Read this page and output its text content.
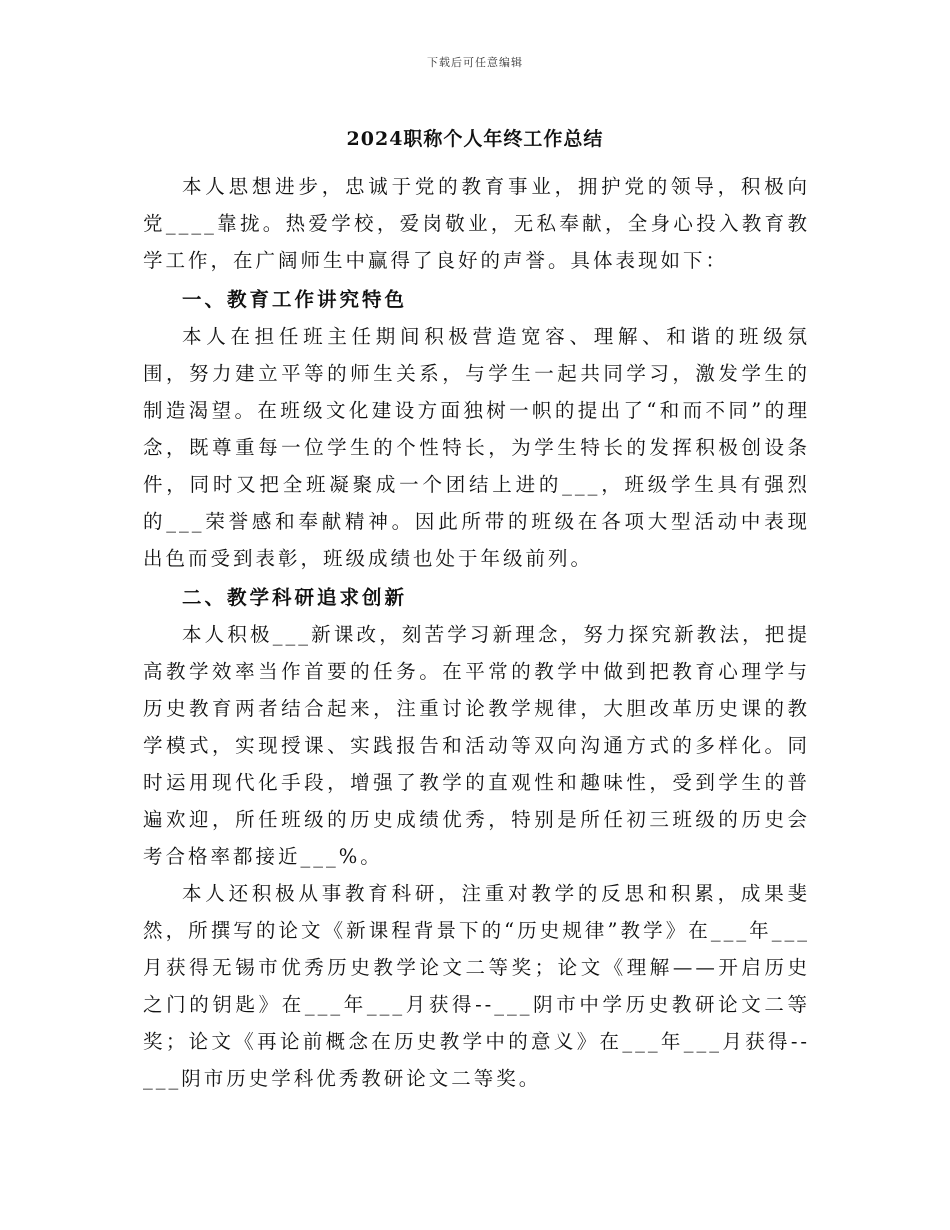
下载后可任意编辑
2024职称个人年终工作总结

本人思想进步，忠诚于党的教育事业，拥护党的领导，积极向党____靠拢。热爱学校，爱岗敬业，无私奉献，全身心投入教育教学工作，在广阔师生中赢得了良好的声誉。具体表现如下：

一、教育工作讲究特色

本人在担任班主任期间积极营造宽容、理解、和谐的班级氛围，努力建立平等的师生关系，与学生一起共同学习，激发学生的制造渴望。在班级文化建设方面独树一帜的提出了“和而不同”的理念，既尊重每一位学生的个性特长，为学生特长的发挥积极创设条件，同时又把全班凝聚成一个团结上进的___，班级学生具有强烈的___荣誉感和奉献精神。因此所带的班级在各项大型活动中表现出色而受到表彰，班级成绩也处于年级前列。

二、教学科研追求创新

本人积极___新课改，刻苦学习新理念，努力探究新教法，把提高教学效率当作首要的任务。在平常的教学中做到把教育心理学与历史教育两者结合起来，注重讨论教学规律，大胆改革历史课的教学模式，实现授课、实践报告和活动等双向沟通方式的多样化。同时运用现代化手段，增强了教学的直观性和趣味性，受到学生的普遍欢迎，所任班级的历史成绩优秀，特别是所任初三班级的历史会考合格率都接近___%。

本人还积极从事教育科研，注重对教学的反思和积累，成果斐然，所撰写的论文《新课程背景下的“历史规律”教学》在___年___月获得无锡市优秀历史教学论文二等奖；论文《理解——开启历史之门的钥匙》在___年___月获得--___阴市中学历史教研论文二等奖；论文《再论前概念在历史教学中的意义》在___年___月获得--___阴市历史学科优秀教研论文二等奖。
